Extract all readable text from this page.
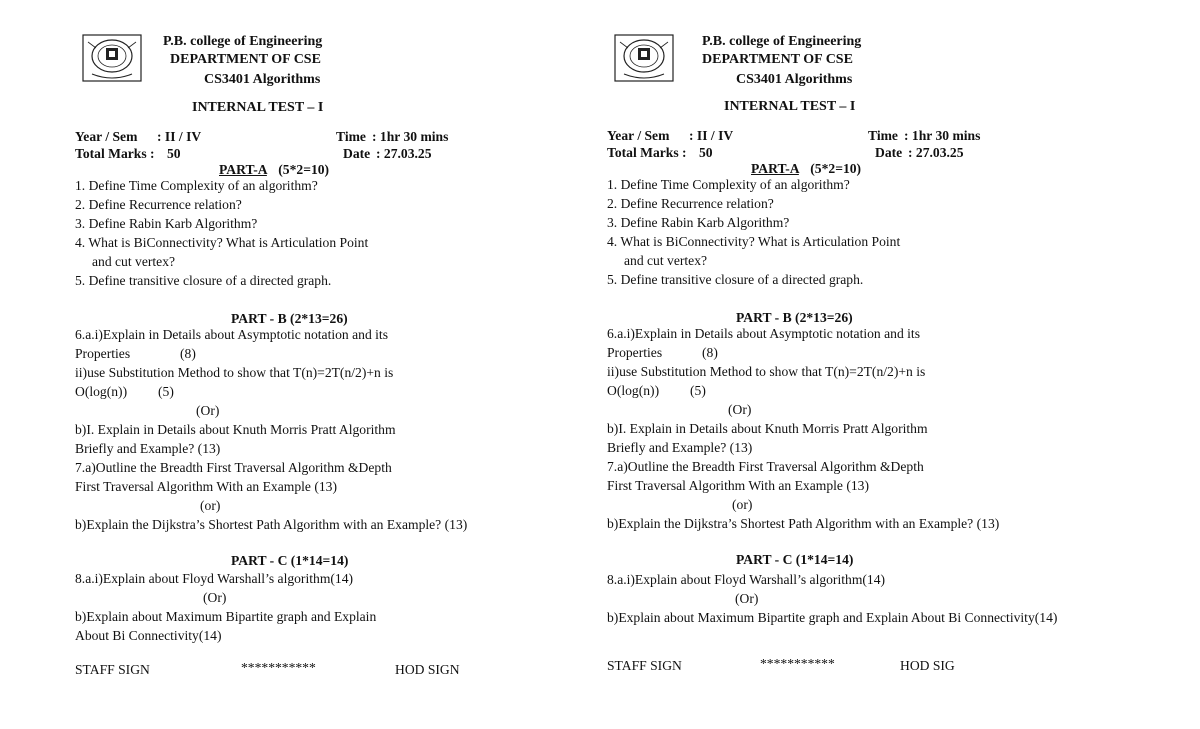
P.B. college of Engineering
DEPARTMENT OF CSE
CS3401 Algorithms
INTERNAL TEST – I
Year / Sem : II / IV	Time : 1hr 30 mins
Total Marks : 50	Date : 27.03.25
PART-A (5*2=10)
1. Define Time Complexity of an algorithm?
2. Define Recurrence relation?
3. Define Rabin Karb Algorithm?
4. What is BiConnectivity? What is Articulation Point
and cut vertex?
5. Define transitive closure of a directed graph.
PART - B (2*13=26)
6.a.i)Explain in Details about Asymptotic notation and its
Properties	(8)
ii)use Substitution Method to show that T(n)=2T(n/2)+n is
O(log(n)) (5)
(Or)
b)I. Explain in Details about Knuth Morris Pratt Algorithm
Briefly and Example? (13)
7.a)Outline the Breadth First Traversal Algorithm &Depth
First Traversal Algorithm With an Example (13)
(or)
b)Explain the Dijkstra’s Shortest Path Algorithm with an Example? (13)
PART - C (1*14=14)
8.a.i)Explain about Floyd Warshall’s algorithm(14)
(Or)
b)Explain about Maximum Bipartite graph and Explain
About Bi Connectivity(14)
STAFF SIGN	***********	HOD SIGN
P.B. college of Engineering
DEPARTMENT OF CSE
CS3401 Algorithms
INTERNAL TEST – I
Year / Sem : II / IV	Time : 1hr 30 mins
Total Marks : 50	Date : 27.03.25
PART-A (5*2=10)
1. Define Time Complexity of an algorithm?
2. Define Recurrence relation?
3. Define Rabin Karb Algorithm?
4. What is BiConnectivity? What is Articulation Point
and cut vertex?
5. Define transitive closure of a directed graph.
PART - B (2*13=26)
6.a.i)Explain in Details about Asymptotic notation and its
Properties	(8)
ii)use Substitution Method to show that T(n)=2T(n/2)+n is
O(log(n)) (5)
(Or)
b)I. Explain in Details about Knuth Morris Pratt Algorithm
Briefly and Example? (13)
7.a)Outline the Breadth First Traversal Algorithm &Depth
First Traversal Algorithm With an Example (13)
(or)
b)Explain the Dijkstra’s Shortest Path Algorithm with an Example? (13)
PART - C (1*14=14)
8.a.i)Explain about Floyd Warshall’s algorithm(14)
(Or)
b)Explain about Maximum Bipartite graph and Explain About Bi Connectivity(14)
STAFF SIGN	***********	HOD SIG
